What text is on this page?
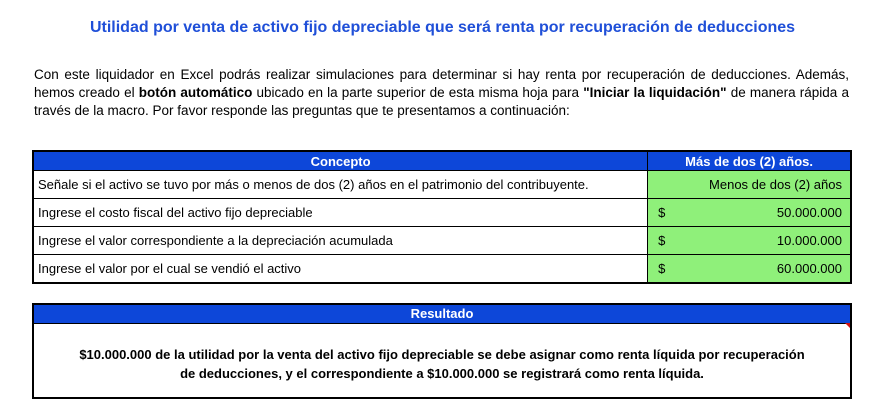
Utilidad por venta de activo fijo depreciable que será renta por recuperación de deducciones
Con este liquidador en Excel podrás realizar simulaciones para determinar si hay renta por recuperación de deducciones. Además, hemos creado el botón automático ubicado en la parte superior de esta misma hoja para "Iniciar la liquidación" de manera rápida a través de la macro. Por favor responde las preguntas que te presentamos a continuación:
Concepto	Más de dos (2) años.
Señale si el activo se tuvo por más o menos de dos (2) años en el patrimonio del contribuyente.	Menos de dos (2) años

Ingrese el costo fiscal del activo fijo depreciable	$ 50.000.000

Ingrese el valor correspondiente a la depreciación acumulada	$ 10.000.000

Ingrese el valor por el cual se vendió el activo	$ 60.000.000
Resultado
$10.000.000 de la utilidad por la venta del activo fijo depreciable se debe asignar como renta líquida por recuperación de deducciones, y el correspondiente a $10.000.000 se registrará como renta líquida.
